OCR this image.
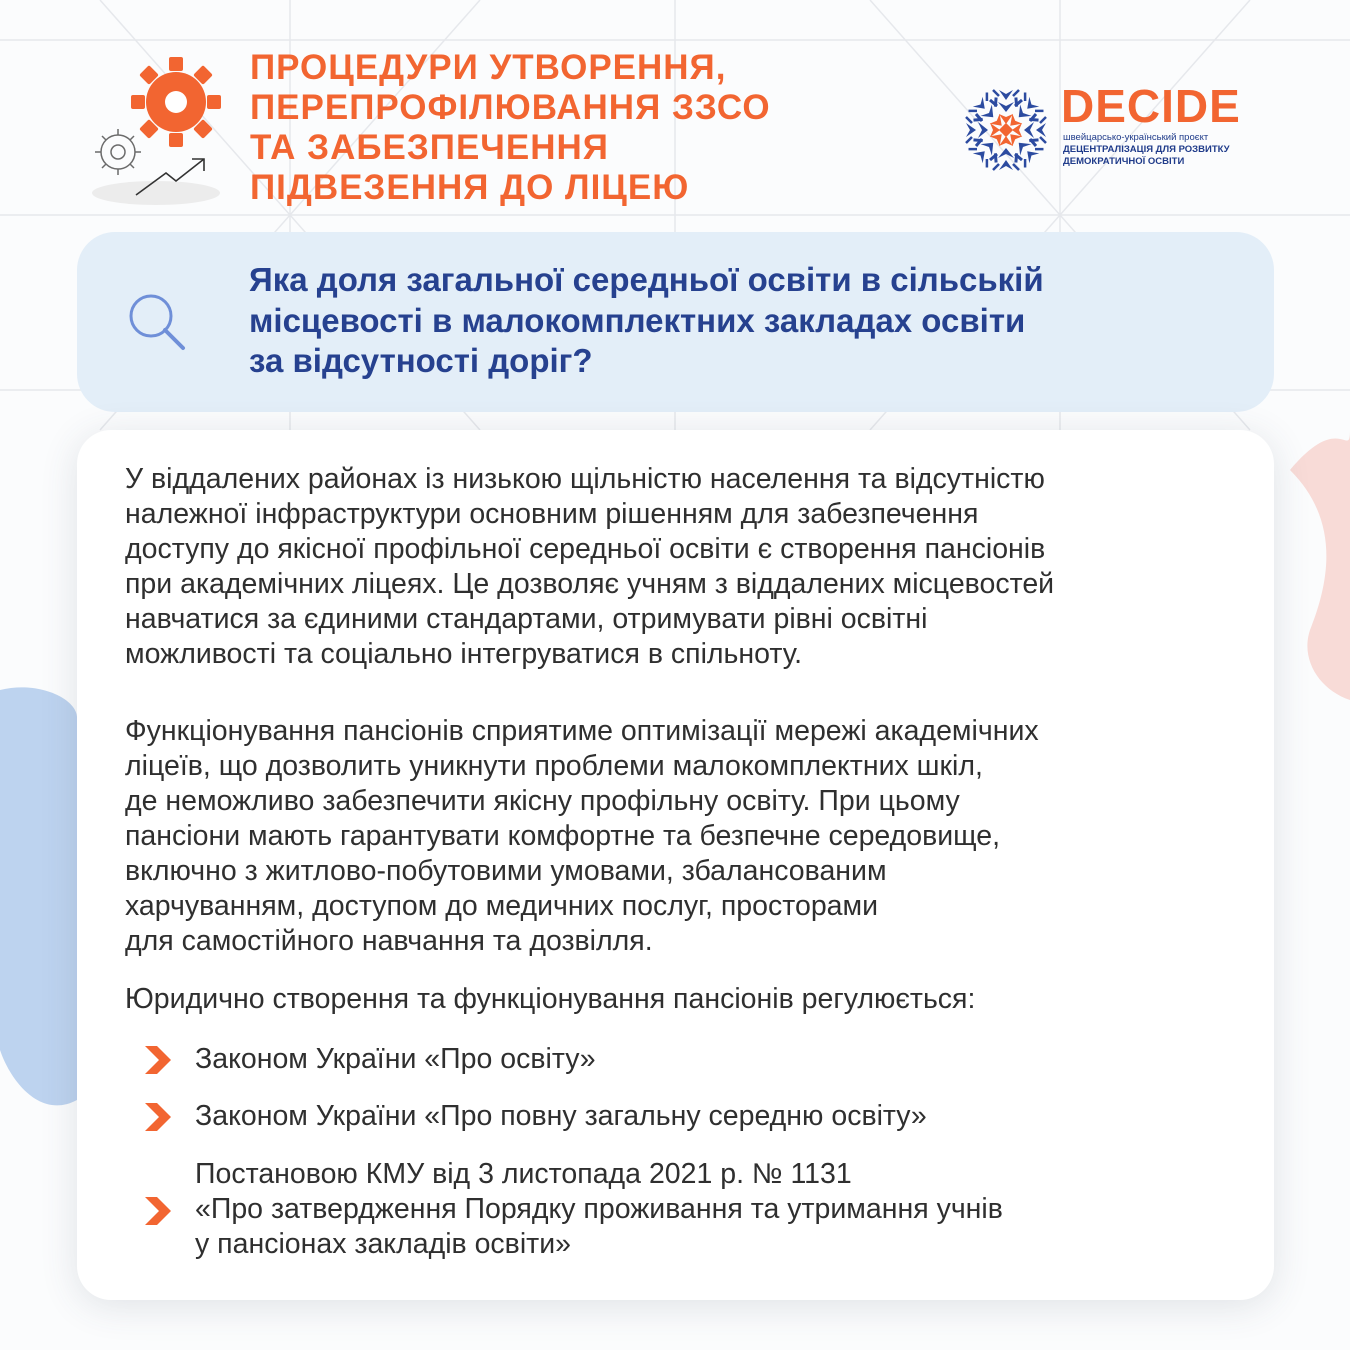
ПРОЦЕДУРИ УТВОРЕННЯ,
ПЕРЕПРОФІЛЮВАННЯ ЗЗСО
ТА ЗАБЕЗПЕЧЕННЯ
ПІДВЕЗЕННЯ ДО ЛІЦЕЮ
DECIDE
швейцарсько-український проєкт
ДЕЦЕНТРАЛІЗАЦІЯ ДЛЯ РОЗВИТКУ
ДЕМОКРАТИЧНОЇ ОСВІТИ
Яка доля загальної середньої освіти в сільській
місцевості в малокомплектних закладах освіти
за відсутності доріг?
У віддалених районах із низькою щільністю населення та відсутністю
належної інфраструктури основним рішенням для забезпечення
доступу до якісної профільної середньої освіти є створення пансіонів
при академічних ліцеях. Це дозволяє учням з віддалених місцевостей
навчатися за єдиними стандартами, отримувати рівні освітні
можливості та соціально інтегруватися в спільноту.
Функціонування пансіонів сприятиме оптимізації мережі академічних
ліцеїв, що дозволить уникнути проблеми малокомплектних шкіл,
де неможливо забезпечити якісну профільну освіту. При цьому
пансіони мають гарантувати комфортне та безпечне середовище,
включно з житлово-побутовими умовами, збалансованим
харчуванням, доступом до медичних послуг, просторами
для самостійного навчання та дозвілля.
Юридично створення та функціонування пансіонів регулюється:
Законом України «Про освіту»
Законом України «Про повну загальну середню освіту»
Постановою КМУ від 3 листопада 2021 р. № 1131
«Про затвердження Порядку проживання та утримання учнів
у пансіонах закладів освіти»
